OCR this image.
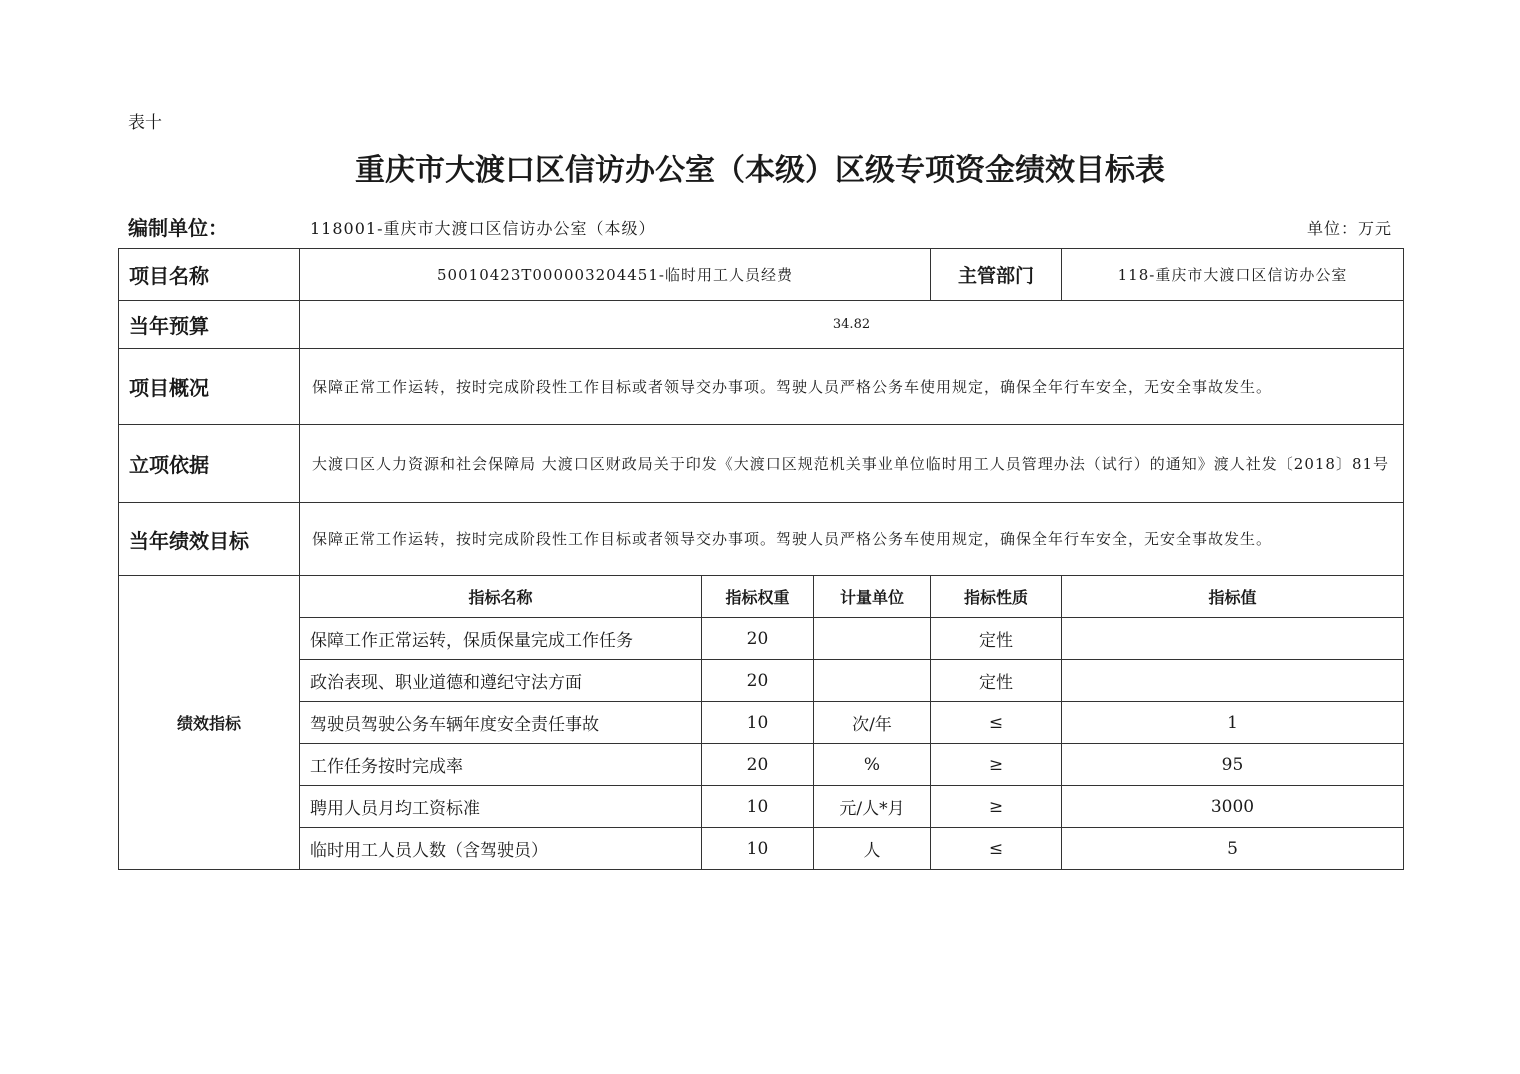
表十
重庆市大渡口区信访办公室（本级）区级专项资金绩效目标表
编制单位：	118001-重庆市大渡口区信访办公室（本级）	单位：万元
项目名称	50010423T000003204451-临时用工人员经费			主管部门	118-重庆市大渡口区信访办公室
当年预算	34.82				
项目概况	保障正常工作运转，按时完成阶段性工作目标或者领导交办事项。驾驶人员严格公务车使用规定，确保全年行车安全，无安全事故发生。				
立项依据	大渡口区人力资源和社会保障局 大渡口区财政局关于印发《大渡口区规范机关事业单位临时用工人员管理办法（试行）的通知》渡人社发〔2018〕81号				
当年绩效目标	保障正常工作运转，按时完成阶段性工作目标或者领导交办事项。驾驶人员严格公务车使用规定，确保全年行车安全，无安全事故发生。				
绩效指标	指标名称	指标权重	计量单位	指标性质	指标值
	保障工作正常运转，保质保量完成工作任务	20		定性	
	政治表现、职业道德和遵纪守法方面	20		定性	
	驾驶员驾驶公务车辆年度安全责任事故	10	次/年	≤	1
	工作任务按时完成率	20	%	≥	95
	聘用人员月均工资标准	10	元/人*月	≥	3000
	临时用工人员人数（含驾驶员）	10	人	≤	5
